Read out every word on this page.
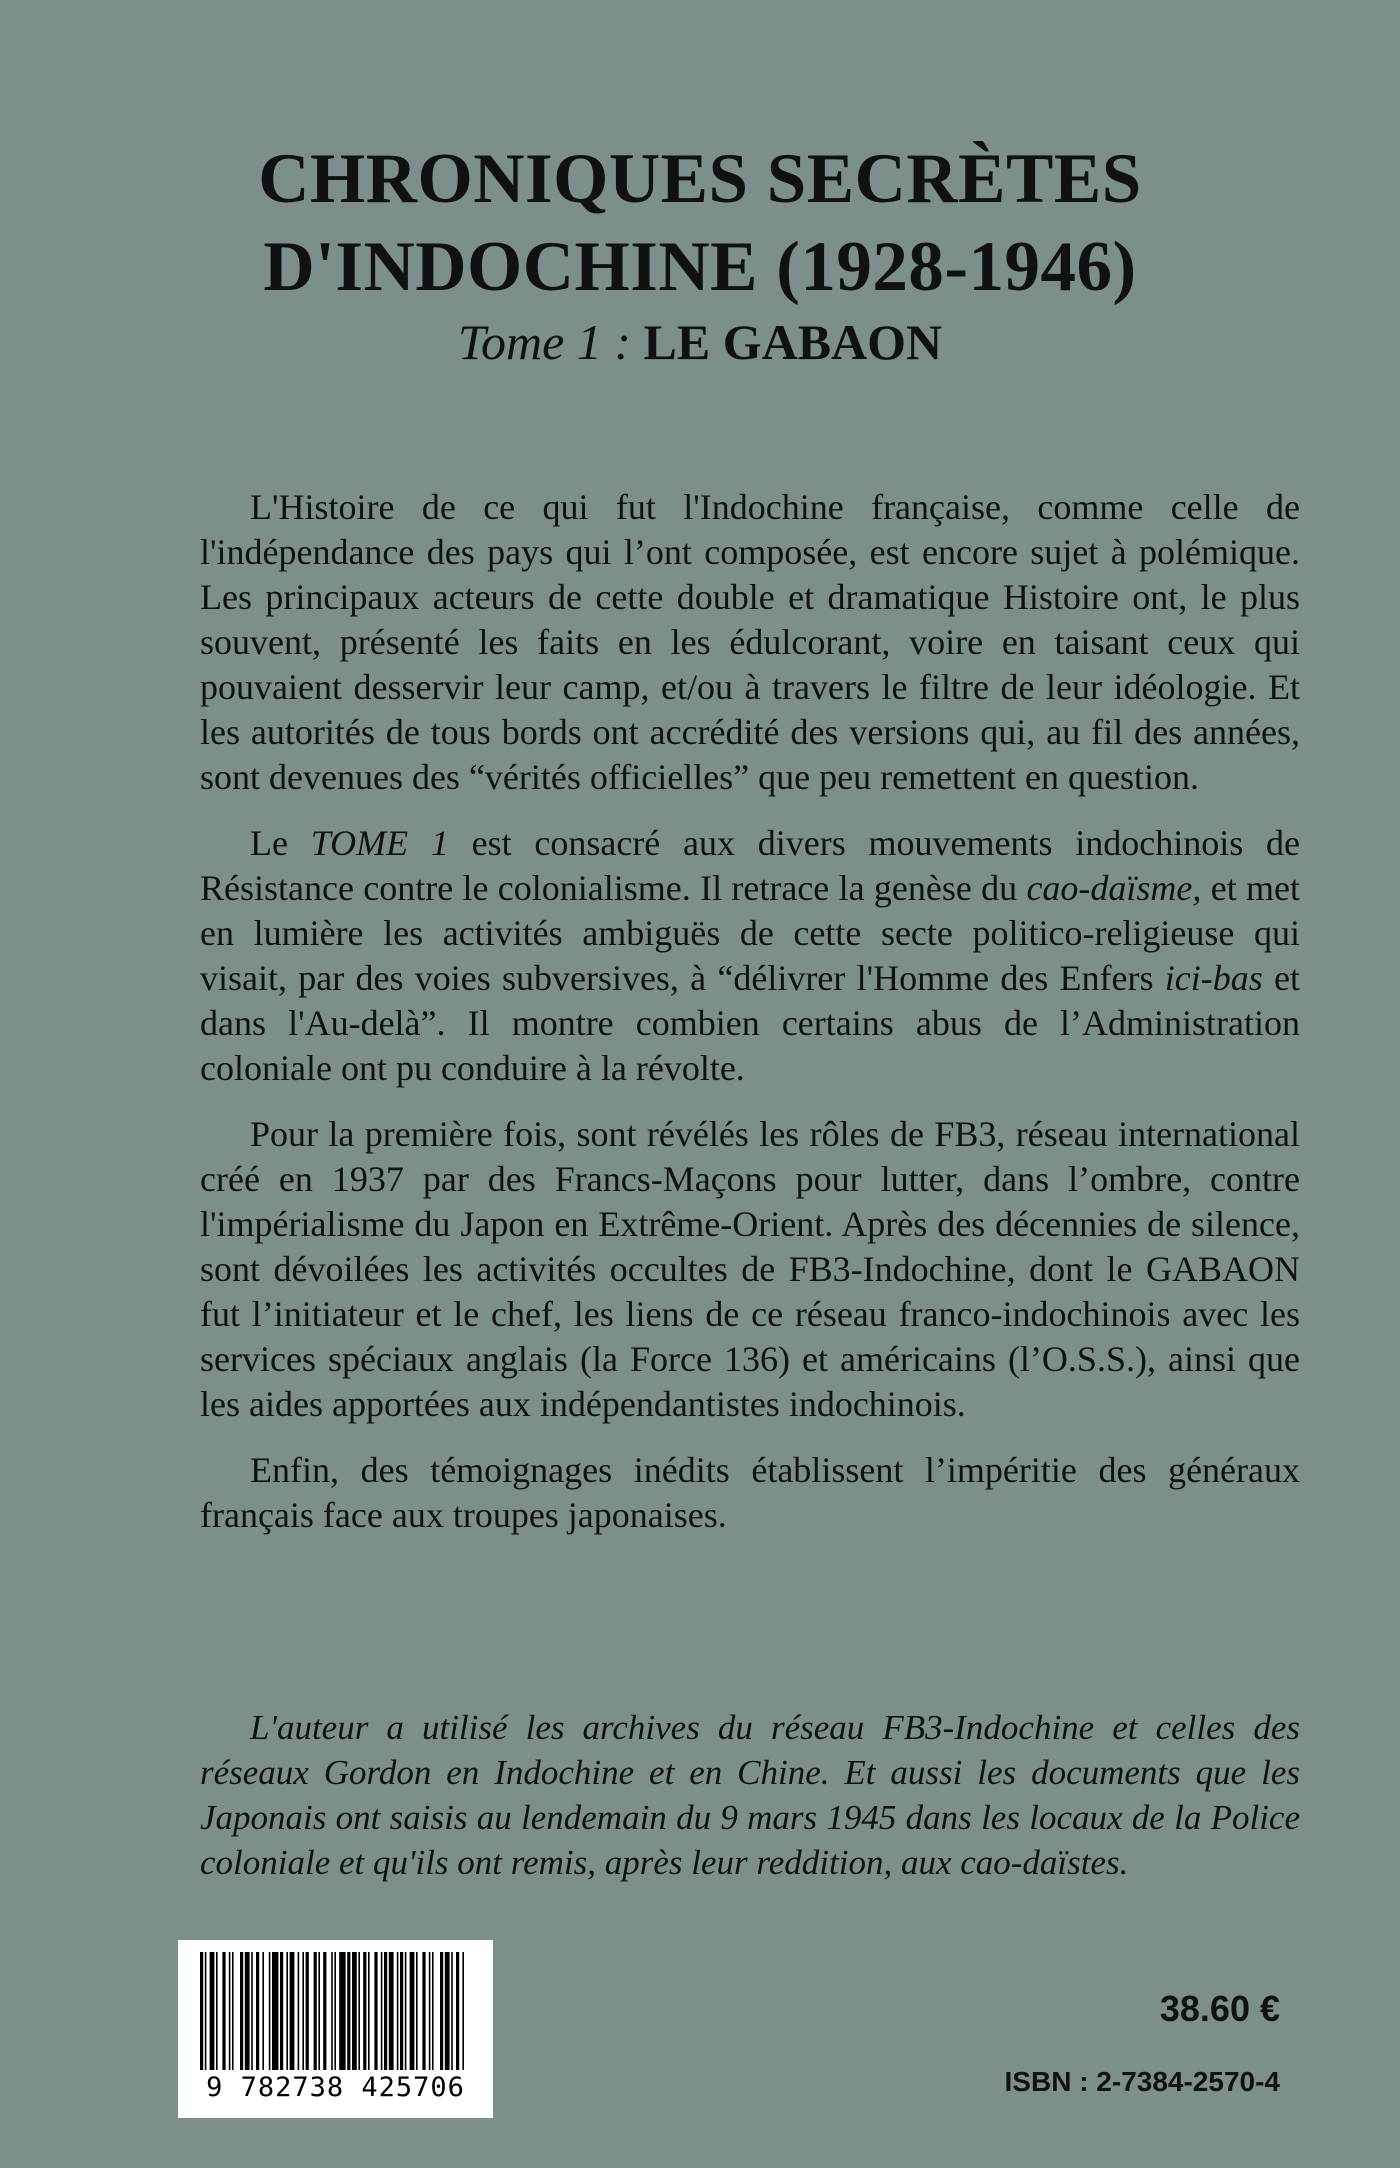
CHRONIQUES SECRÈTES
D'INDOCHINE (1928-1946)
Tome 1 : LE GABAON

L'Histoire de ce qui fut l'Indochine française, comme celle de l'indépendance des pays qui l’ont composée, est encore sujet à polémique. Les principaux acteurs de cette double et dramatique Histoire ont, le plus souvent, présenté les faits en les édulcorant, voire en taisant ceux qui pouvaient desservir leur camp, et/ou à travers le filtre de leur idéologie. Et les autorités de tous bords ont accrédité des versions qui, au fil des années, sont devenues des “vérités officielles” que peu remettent en question.

Le TOME 1 est consacré aux divers mouvements indochinois de Résistance contre le colonialisme. Il retrace la genèse du cao-daïsme, et met en lumière les activités ambiguës de cette secte politico-religieuse qui visait, par des voies subversives, à “délivrer l'Homme des Enfers ici-bas et dans l'Au-delà”. Il montre combien certains abus de l’Administration coloniale ont pu conduire à la révolte.

Pour la première fois, sont révélés les rôles de FB3, réseau international créé en 1937 par des Francs-Maçons pour lutter, dans l’ombre, contre l'impérialisme du Japon en Extrême-Orient. Après des décennies de silence, sont dévoilées les activités occultes de FB3-Indochine, dont le GABAON fut l’initiateur et le chef, les liens de ce réseau franco-indochinois avec les services spéciaux anglais (la Force 136) et américains (l’O.S.S.), ainsi que les aides apportées aux indépendantistes indochinois.

Enfin, des témoignages inédits établissent l’impéritie des généraux français face aux troupes japonaises.

L'auteur a utilisé les archives du réseau FB3-Indochine et celles des réseaux Gordon en Indochine et en Chine. Et aussi les documents que les Japonais ont saisis au lendemain du 9 mars 1945 dans les locaux de la Police coloniale et qu'ils ont remis, après leur reddition, aux cao-daïstes.

9 782738 425706
38.60 €
ISBN : 2-7384-2570-4
